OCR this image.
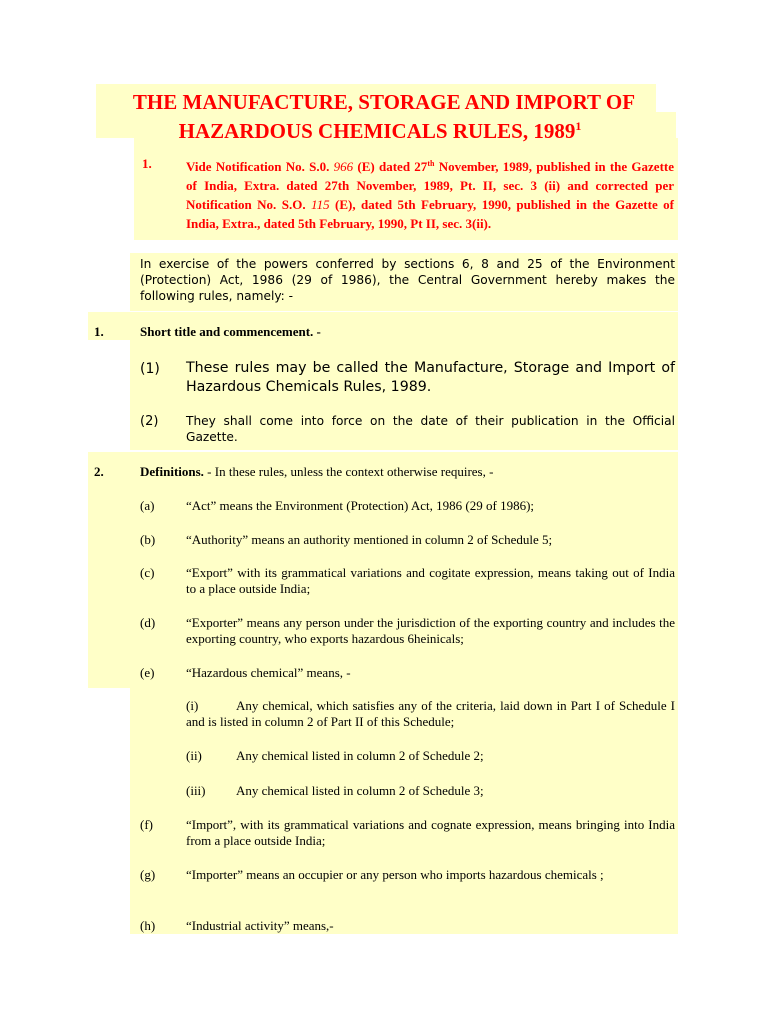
THE MANUFACTURE, STORAGE AND IMPORT OF
HAZARDOUS CHEMICALS RULES, 1989$^1$
1.	Vide Notification No. S.0. 966 (E) dated 27th November, 1989, published in the Gazette of India, Extra. dated 27th November, 1989, Pt. II, sec. 3 (ii) and corrected per Notification No. S.O. 115 (E), dated 5th February, 1990, published in the Gazette of India, Extra., dated 5th February, 1990, Pt II, sec. 3(ii).
In exercise of the powers conferred by sections 6, 8 and 25 of the Environment (Protection) Act, 1986 (29 of 1986), the Central Government hereby makes the following rules, namely: -
1.	Short title and commencement. -
(1) These rules may be called the Manufacture, Storage and Import of Hazardous Chemicals Rules, 1989.
(2) They shall come into force on the date of their publication in the Official Gazette.
2.	Definitions. - In these rules, unless the context otherwise requires, -
(a) “Act” means the Environment (Protection) Act, 1986 (29 of 1986);
(b) “Authority” means an authority mentioned in column 2 of Schedule 5;
(c) “Export” with its grammatical variations and cogitate expression, means taking out of India to a place outside India;
(d) “Exporter” means any person under the jurisdiction of the exporting country and includes the exporting country, who exports hazardous 6heinicals;
(e) “Hazardous chemical” means, -
(i)	Any chemical, which satisfies any of the criteria, laid down in Part I of Schedule I and is listed in column 2 of Part II of this Schedule;
(ii)	Any chemical listed in column 2 of Schedule 2;
(iii) Any chemical listed in column 2 of Schedule 3;
(f)	“Import”, with its grammatical variations and cognate expression, means bringing into India from a place outside India;
(g) “Importer” means an occupier or any person who imports hazardous chemicals ;
(h) “Industrial activity” means,-
